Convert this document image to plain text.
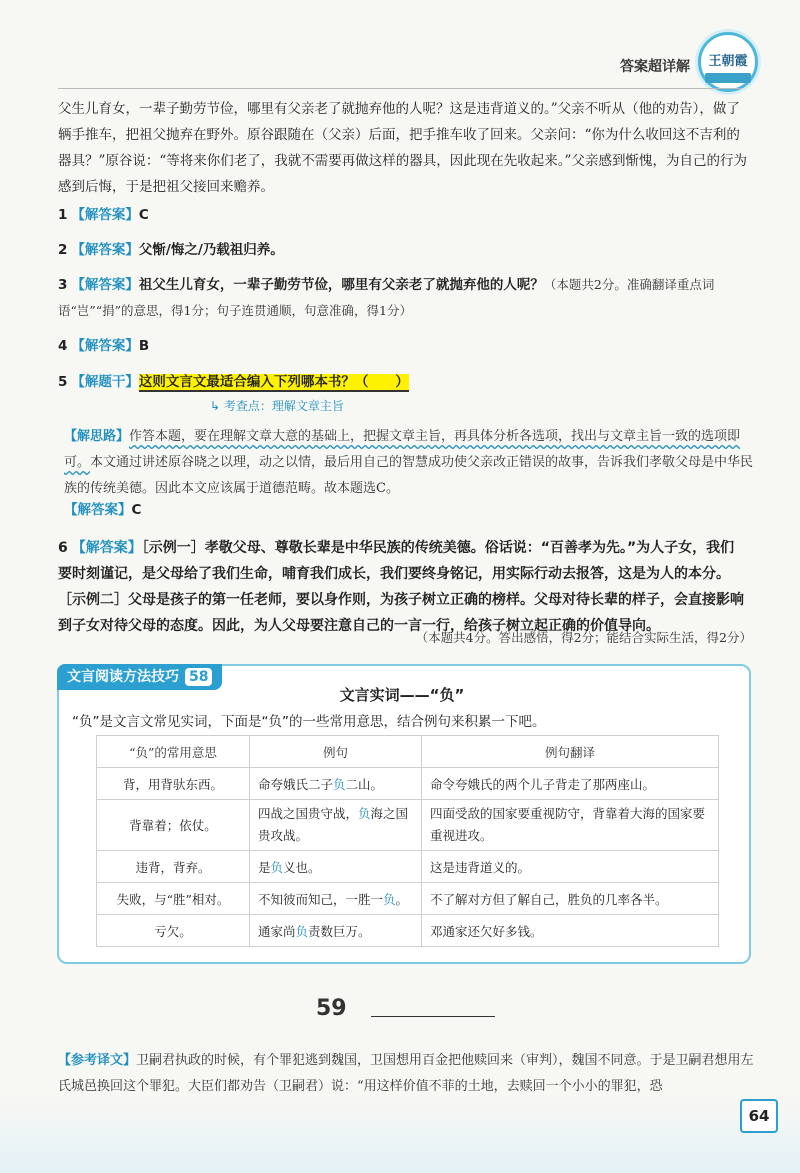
答案超详解 王朝霞

父生儿育女，一辈子勤劳节俭，哪里有父亲老了就抛弃他的人呢？这是违背道义的。”父亲不听从（他的劝告），做了辆手推车，把祖父抛弃在野外。原谷跟随在（父亲）后面，把手推车收了回来。父亲问：“你为什么收回这不吉利的器具？”原谷说：“等将来你们老了，我就不需要再做这样的器具，因此现在先收起来。”父亲感到惭愧，为自己的行为感到后悔，于是把祖父接回来赡养。

1 【解答案】C
2 【解答案】父惭/悔之/乃载祖归养。
3 【解答案】祖父生儿育女，一辈子勤劳节俭，哪里有父亲老了就抛弃他的人呢？（本题共2分。准确翻译重点词语“岂”“捐”的意思，得1分；句子连贯通顺，句意准确，得1分）
4 【解答案】B
5 【解题干】这则文言文最适合编入下列哪本书？（　　）
↳ 考查点：理解文章主旨
【解思路】作答本题，要在理解文章大意的基础上，把握文章主旨，再具体分析各选项，找出与文章主旨一致的选项即可。本文通过讲述原谷晓之以理，动之以情，最后用自己的智慧成功使父亲改正错误的故事，告诉我们孝敬父母是中华民族的传统美德。因此本文应该属于道德范畴。故本题选C。
【解答案】C
6 【解答案】［示例一］孝敬父母、尊敬长辈是中华民族的传统美德。俗话说：“百善孝为先。”为人子女，我们要时刻谨记，是父母给了我们生命，哺育我们成长，我们要终身铭记，用实际行动去报答，这是为人的本分。
［示例二］父母是孩子的第一任老师，要以身作则，为孩子树立正确的榜样。父母对待长辈的样子，会直接影响到子女对待父母的态度。因此，为人父母要注意自己的一言一行，给孩子树立起正确的价值导向。
（本题共4分。答出感悟，得2分；能结合实际生活，得2分）
文言阅读方法技巧 58
文言实词——“负”
“负”是文言文常见实词，下面是“负”的一些常用意思，结合例句来积累一下吧。
“负”的常用意思	例句	例句翻译
背，用背驮东西。	命夸娥氏二子负二山。	命令夸娥氏的两个儿子背走了那两座山。
背靠着；依仗。	四战之国贵守战，负海之国贵攻战。	四面受敌的国家要重视防守，背靠着大海的国家要重视进攻。
违背，背弃。	是负义也。	这是违背道义的。
失败，与“胜”相对。	不知彼而知己，一胜一负。	不了解对方但了解自己，胜负的几率各半。
亏欠。	通家尚负责数巨万。	邓通家还欠好多钱。
59
【参考译文】卫嗣君执政的时候，有个罪犯逃到魏国，卫国想用百金把他赎回来（审判），魏国不同意。于是卫嗣君想用左氏城邑换回这个罪犯。大臣们都劝告（卫嗣君）说：“用这样价值不菲的土地，去赎回一个小小的罪犯，恐
64
